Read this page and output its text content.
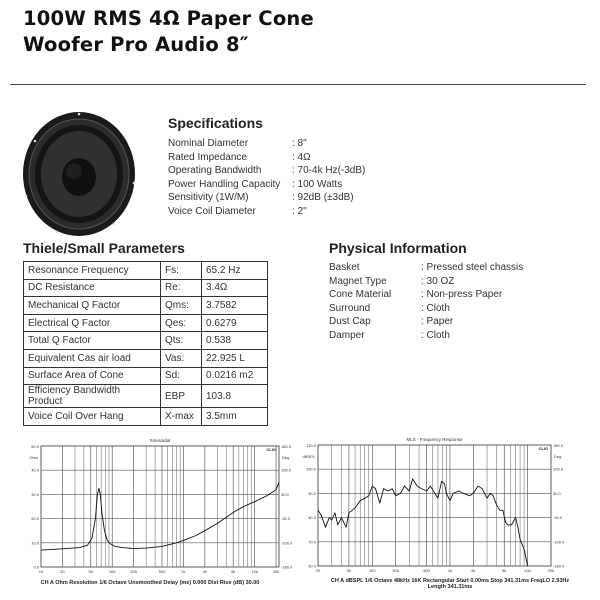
100W RMS 4Ω Paper Cone
Woofer Pro Audio 8″
Specifications
Nominal Diameter	: 8"
Rated Impedance	: 4Ω
Operating Bandwidth	: 70-4k Hz(-3dB)
Power Handling Capacity	: 100 Watts
Sensitivity (1W/M)	: 92dB (±3dB)
Voice Coil Diameter	: 2"
Thiele/Small Parameters
Resonance Frequency	Fs:	65.2 Hz
DC Resistance	Re:	3.4Ω
Mechanical Q Factor	Qms:	3.7582
Electrical Q Factor	Qes:	0.6279
Total Q Factor	Qts:	0.538
Equivalent Cas air load	Vas:	22.925 L
Surface Area of Cone	Sd:	0.0216 m2
Efficiency Bandwidth Product	EBP	103.8
Voice Coil Over Hang	X-max	3.5mm
Physical Information
Basket	: Pressed steel chassis
Magnet Type	: 30 OZ
Cone Material	: Non-press Paper
Surround	: Cloth
Dust Cap	: Paper
Damper	: Cloth
Sinusoidal
CLIO
Ohm	Deg
50.0
40.0
30.0
20.0
10.0
0.0
180.0
100.0
30.0
-30.0
-100.0
-180.0
10	20	50	100	200	500	1k	2k	5k	10k	20k
MLS - Frequency Response
CLIO
dBSPL	Deg
110.0
100.0
90.0
80.0
70.0
60.0
180.0
100.0
30.0
-30.0
-100.0
-180.0
20	50	100	200	500	1k	2k	5k	10k	20k
CH A Ohm Resolution 1/6 Octave Unsmoothed Delay (ms) 0.000 Dist Rise (dB) 30.00	CH A dBSPL 1/6 Octave 48kHz 16K Rectangular Start 0.00ms Stop 341.31ms FreqLO 2.93Hz
Length 341.31ms
